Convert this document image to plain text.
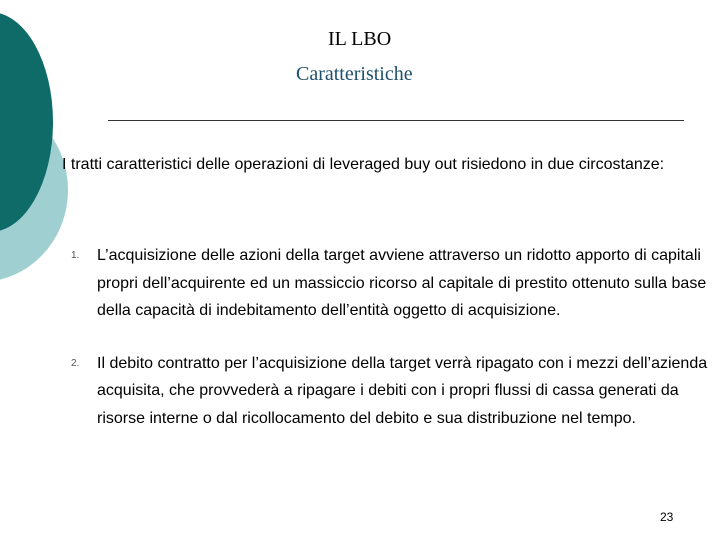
IL LBO
Caratteristiche
I tratti caratteristici delle operazioni di leveraged buy out risiedono in due circostanze:
1. L’acquisizione delle azioni della target avviene attraverso un ridotto apporto di capitali propri dell’acquirente ed un massiccio ricorso al capitale di prestito ottenuto sulla base della capacità di indebitamento dell’entità oggetto di acquisizione.
2. Il debito contratto per l’acquisizione della target verrà ripagato con i mezzi dell’azienda acquisita, che provvederà a ripagare i debiti con i propri flussi di cassa generati da risorse interne o dal ricollocamento del debito e sua distribuzione nel tempo.
23
